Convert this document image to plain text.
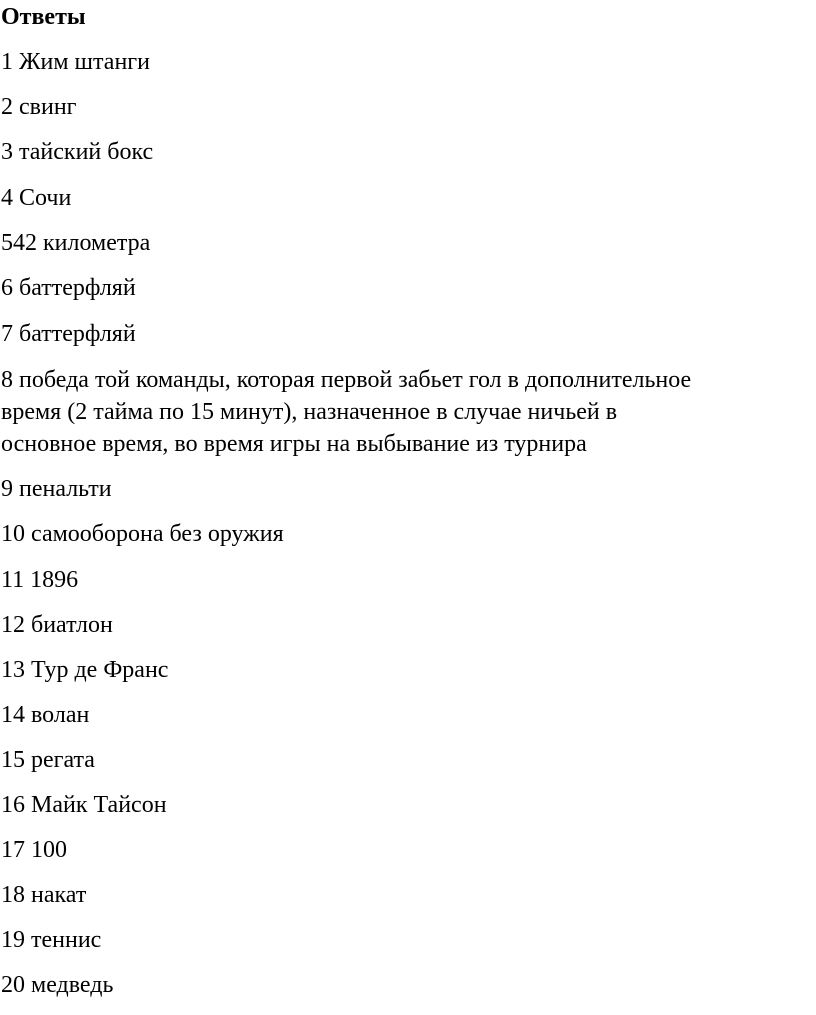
Ответы

1 Жим штанги

2 свинг

3 тайский бокс

4 Сочи

542 километра

6 баттерфляй

7 баттерфляй

8 победа той команды, которая первой забьет гол в дополнительное
время (2 тайма по 15 минут), назначенное в случае ничьей в
основное время, во время игры на выбывание из турнира

9 пенальти

10 самооборона без оружия

11 1896

12 биатлон

13 Тур де Франс

14 волан

15 регата

16 Майк Тайсон

17 100

18 накат

19 теннис

20 медведь
